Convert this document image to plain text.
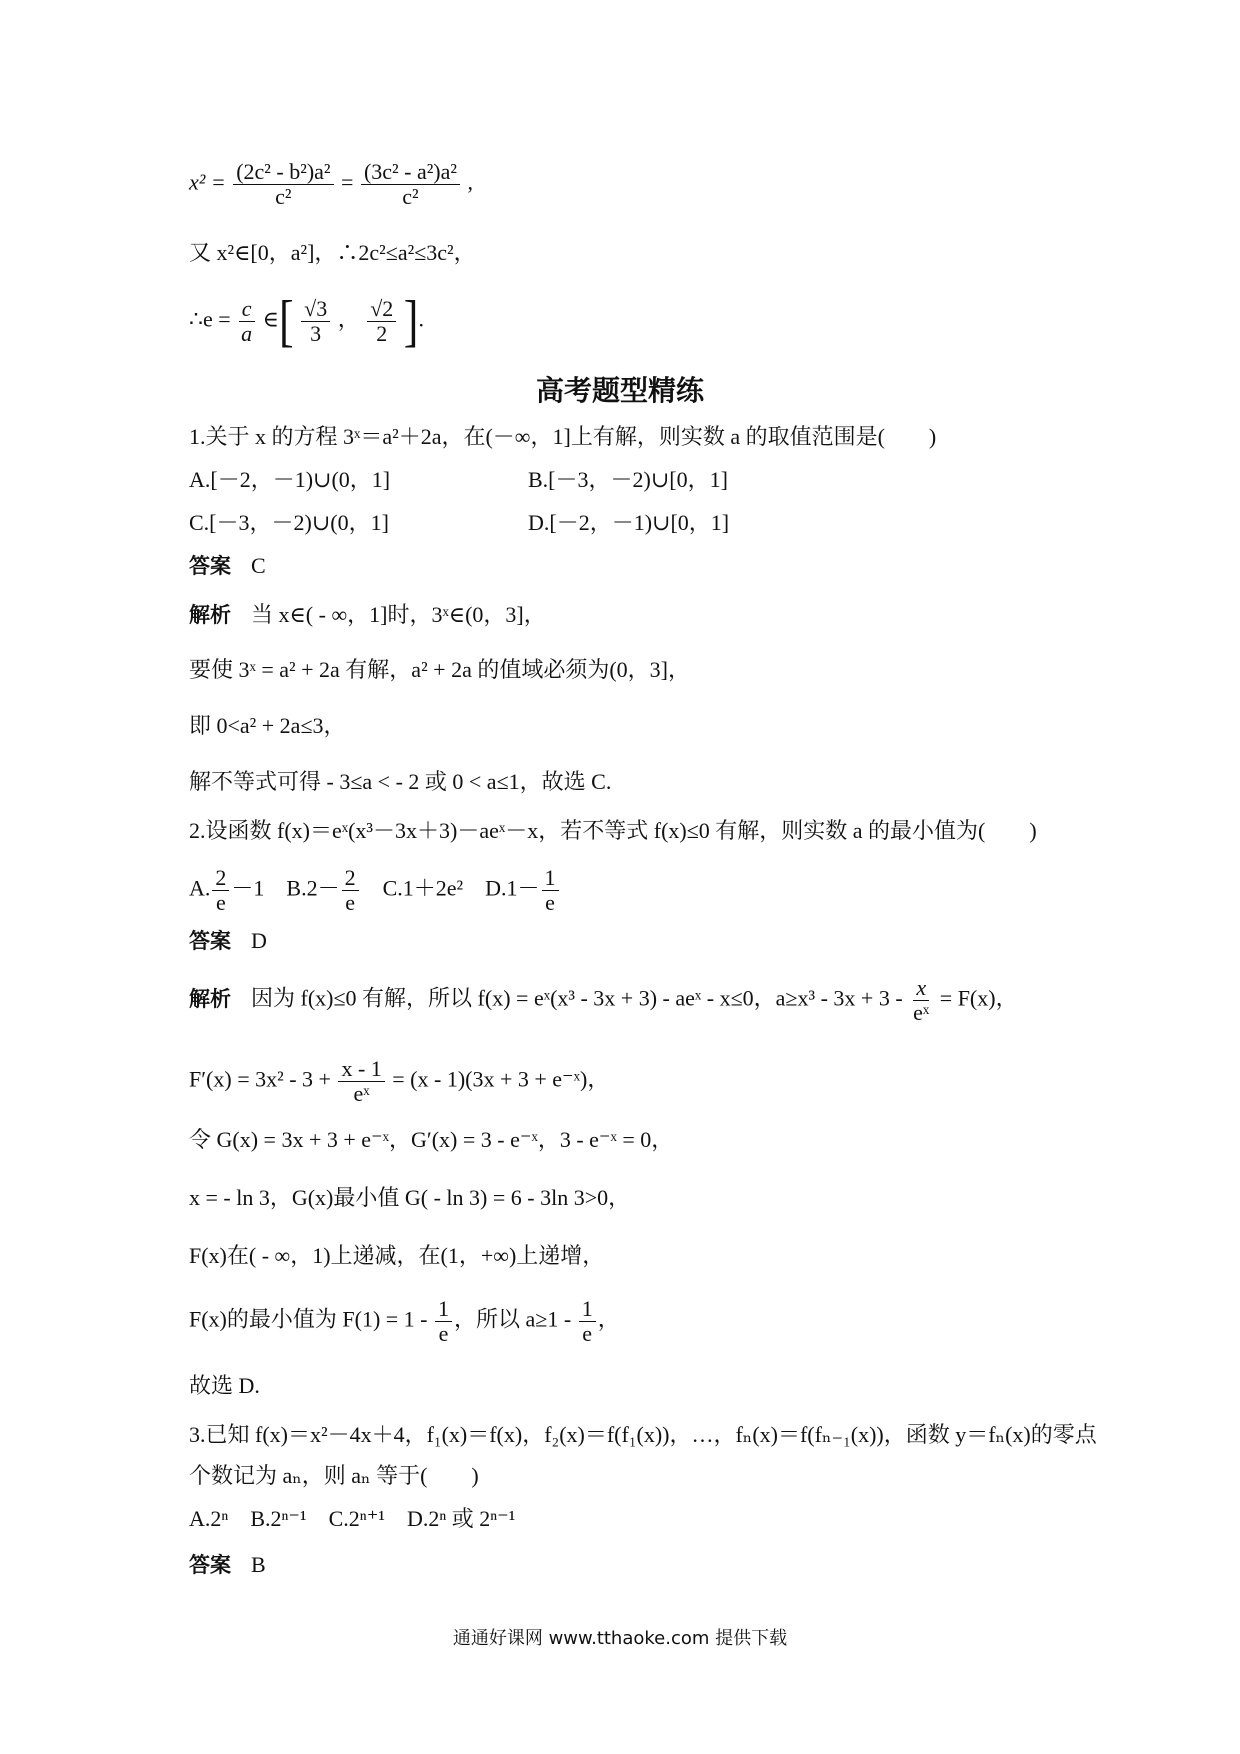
$x^2 = \frac{\text{(2c² - b²)a²}}{\text{c²}} = \frac{\text{(3c² - a²)a²}}{\text{c²}}$ ,
又 x²∈[0，a²]，∴2c²≤a²≤3c²，
∴e = $\frac{c}{a}$ ∈[ $\frac{√3}{3}$ ， $\frac{√2}{2}$ ].
高考题型精练
1.关于 x 的方程 3ˣ＝a²＋2a，在(－∞，1]上有解，则实数 a 的取值范围是(　　)
A.[－2，－1)∪(0，1]	B.[－3，－2)∪[0，1]
C.[－3，－2)∪(0，1]	D.[－2，－1)∪[0，1]
答案 C
解析 当 x∈( - ∞，1]时，3ˣ∈(0，3]，
要使 3ˣ = a² + 2a 有解，a² + 2a 的值域必须为(0，3]，
即 0<a² + 2a≤3，
解不等式可得 - 3≤a < - 2 或 0 < a≤1，故选 C.
2.设函数 f(x)＝eˣ(x³－3x＋3)－aeˣ－x，若不等式 f(x)≤0 有解，则实数 a 的最小值为(　　)
A. $\frac{2}{e} -1$ $B.2- \frac{2}{e} C.1+2e^2$ $D.1- \frac{1}{e}$
答案 D
解析 因为 f(x)≤0 有解，所以 f(x) = eˣ(x³ - 3x + 3) - aeˣ - x≤0，$a\ge x^3 - 3x + 3 - \frac{x}{\text{eˣ}} = F(x)$，
$F'(x) = 3x^2 - 3 + \frac{x - 1}{\text{eˣ}} = (x - 1)(3x + 3$ + e⁻ˣ)，
令 G(x) = 3x + 3 + e⁻ˣ，G′(x) = 3 - e⁻ˣ，3 - e⁻ˣ = 0，
x = - ln 3，G(x)最小值 G( - ln 3) = 6 - 3ln 3>0，
F(x)在( - ∞，1)上递减，在(1，+∞)上递增，
F(x)的最小值为 $F(1) = 1 - \frac{1}{e}$ ，所以 $a\ge 1 - \frac{1}{e}$ ，
故选 D.
3.已知 f(x)＝x²－4x＋4，f₁(x)＝f(x)，f₂(x)＝f(f₁(x))，…，fₙ(x)＝f(fₙ₋₁(x))，函数 y＝fₙ(x)的零点
个数记为 aₙ，则 aₙ 等于(　　)
A.2ⁿ　B.2ⁿ⁻¹　C.2ⁿ⁺¹　D.2ⁿ 或 2ⁿ⁻¹
答案 B
通通好课网 www.tthaoke.com 提供下载
